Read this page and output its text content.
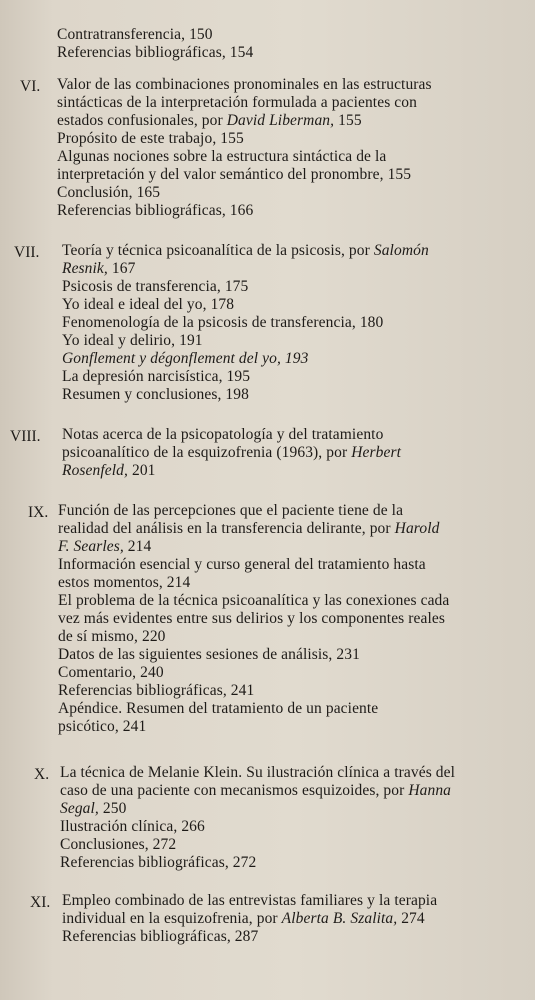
Contratransferencia, 150
Referencias bibliográficas, 154
VI. Valor de las combinaciones pronominales en las estructuras
sintácticas de la interpretación formulada a pacientes con
estados confusionales, por David Liberman, 155
Propósito de este trabajo, 155
Algunas nociones sobre la estructura sintáctica de la
interpretación y del valor semántico del pronombre, 155
Conclusión, 165
Referencias bibliográficas, 166
VII. Teoría y técnica psicoanalítica de la psicosis, por Salomón
Resnik, 167
Psicosis de transferencia, 175
Yo ideal e ideal del yo, 178
Fenomenología de la psicosis de transferencia, 180
Yo ideal y delirio, 191
Gonflement y dégonflement del yo, 193
La depresión narcisística, 195
Resumen y conclusiones, 198
VIII. Notas acerca de la psicopatología y del tratamiento
psicoanalítico de la esquizofrenia (1963), por Herbert
Rosenfeld, 201
IX. Función de las percepciones que el paciente tiene de la
realidad del análisis en la transferencia delirante, por Harold
F. Searles, 214
Información esencial y curso general del tratamiento hasta
estos momentos, 214
El problema de la técnica psicoanalítica y las conexiones cada
vez más evidentes entre sus delirios y los componentes reales
de sí mismo, 220
Datos de las siguientes sesiones de análisis, 231
Comentario, 240
Referencias bibliográficas, 241
Apéndice. Resumen del tratamiento de un paciente
psicótico, 241
X. La técnica de Melanie Klein. Su ilustración clínica a través del
caso de una paciente con mecanismos esquizoides, por Hanna
Segal, 250
Ilustración clínica, 266
Conclusiones, 272
Referencias bibliográficas, 272
XI. Empleo combinado de las entrevistas familiares y la terapia
individual en la esquizofrenia, por Alberta B. Szalita, 274
Referencias bibliográficas, 287
